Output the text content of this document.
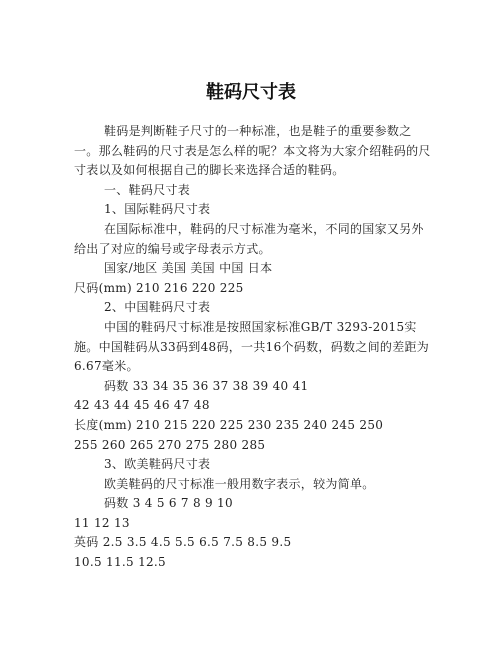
鞋码尺寸表

鞋码是判断鞋子尺寸的一种标准，也是鞋子的重要参数之一。那么鞋码的尺寸表是怎么样的呢？本文将为大家介绍鞋码的尺寸表以及如何根据自己的脚长来选择合适的鞋码。

一、鞋码尺寸表

1、国际鞋码尺寸表

在国际标准中，鞋码的尺寸标准为毫米，不同的国家又另外给出了对应的编号或字母表示方式。

国家/地区 美国 美国 中国 日本

尺码(mm) 210 216 220 225

2、中国鞋码尺寸表

中国的鞋码尺寸标准是按照国家标准GB/T 3293-2015实施。中国鞋码从33码到48码，一共16个码数，码数之间的差距为6.67毫米。

码数 33 34 35 36 37 38 39 40 41

42 43 44 45 46 47 48

长度(mm) 210 215 220 225 230 235 240 245 250

255 260 265 270 275 280 285

3、欧美鞋码尺寸表

欧美鞋码的尺寸标准一般用数字表示，较为简单。

码数 3 4 5 6 7 8 9 10

11 12 13

英码 2.5 3.5 4.5 5.5 6.5 7.5 8.5 9.5

10.5 11.5 12.5
